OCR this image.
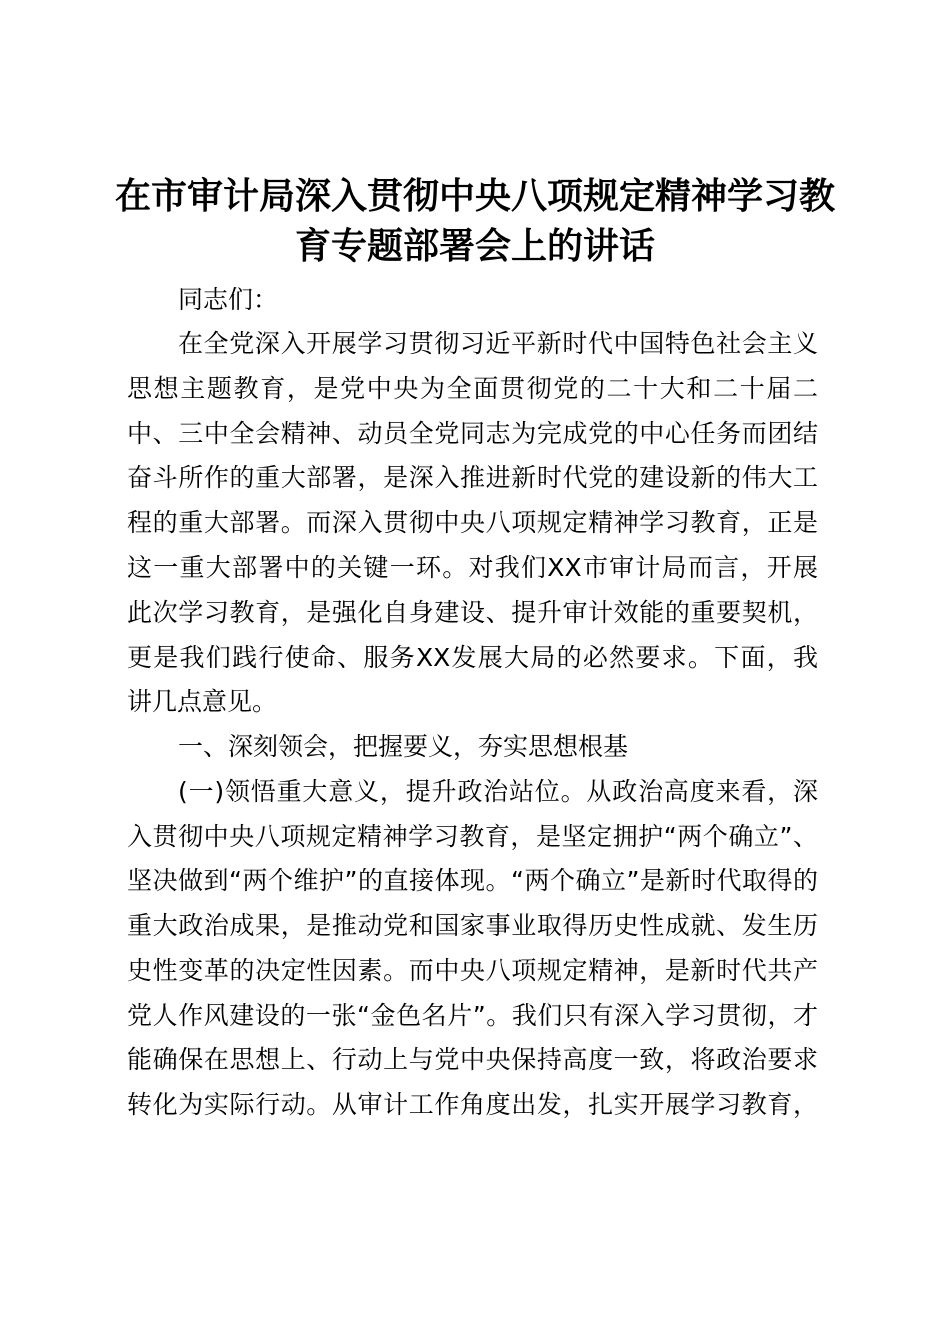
在市审计局深入贯彻中央八项规定精神学习教
育专题部署会上的讲话

同志们：

在全党深入开展学习贯彻习近平新时代中国特色社会主义

思想主题教育，是党中央为全面贯彻党的二十大和二十届二

中、三中全会精神、动员全党同志为完成党的中心任务而团结

奋斗所作的重大部署，是深入推进新时代党的建设新的伟大工

程的重大部署。而深入贯彻中央八项规定精神学习教育，正是

这一重大部署中的关键一环。对我们XX市审计局而言，开展

此次学习教育，是强化自身建设、提升审计效能的重要契机，

更是我们践行使命、服务XX发展大局的必然要求。下面，我

讲几点意见。

一、深刻领会，把握要义，夯实思想根基

(一)领悟重大意义，提升政治站位。从政治高度来看，深

入贯彻中央八项规定精神学习教育，是坚定拥护“两个确立”、

坚决做到“两个维护”的直接体现。“两个确立”是新时代取得的

重大政治成果，是推动党和国家事业取得历史性成就、发生历

史性变革的决定性因素。而中央八项规定精神，是新时代共产

党人作风建设的一张“金色名片”。我们只有深入学习贯彻，才

能确保在思想上、行动上与党中央保持高度一致，将政治要求

转化为实际行动。从审计工作角度出发，扎实开展学习教育，
